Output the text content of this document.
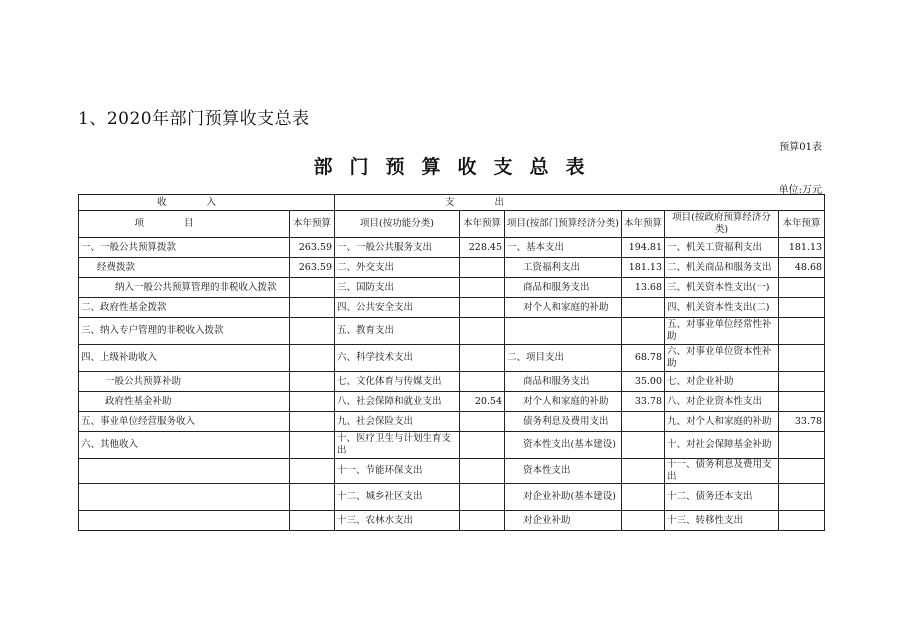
1、2020年部门预算收支总表
预算01表
部门预算收支总表
单位:万元
收入		支出					
项目	本年预算	项目(按功能分类)	本年预算	项目(按部门预算经济分类)	本年预算	项目(按政府预算经济分类)	本年预算
一、一般公共预算拨款	263.59	一、一般公共服务支出	228.45	一、基本支出	194.81	一、机关工资福利支出	181.13
经费拨款	263.59	二、外交支出		工资福利支出	181.13	二、机关商品和服务支出	48.68
纳入一般公共预算管理的非税收入拨款		三、国防支出		商品和服务支出	13.68	三、机关资本性支出(一)	
二、政府性基金拨款		四、公共安全支出		对个人和家庭的补助		四、机关资本性支出(二)	
三、纳入专户管理的非税收入拨款		五、教育支出				五、对事业单位经常性补助	
四、上级补助收入		六、科学技术支出		二、项目支出	68.78	六、对事业单位资本性补助	
一般公共预算补助		七、文化体育与传媒支出		商品和服务支出	35.00	七、对企业补助	
政府性基金补助		八、社会保障和就业支出	20.54	对个人和家庭的补助	33.78	八、对企业资本性支出	
五、事业单位经营服务收入		九、社会保险支出		债务利息及费用支出		九、对个人和家庭的补助	33.78
六、其他收入		十、医疗卫生与计划生育支出		资本性支出(基本建设)		十、对社会保障基金补助	
		十一、节能环保支出		资本性支出		十一、债务利息及费用支出	
		十二、城乡社区支出		对企业补助(基本建设)		十二、债务还本支出	
		十三、农林水支出		对企业补助		十三、转移性支出	
